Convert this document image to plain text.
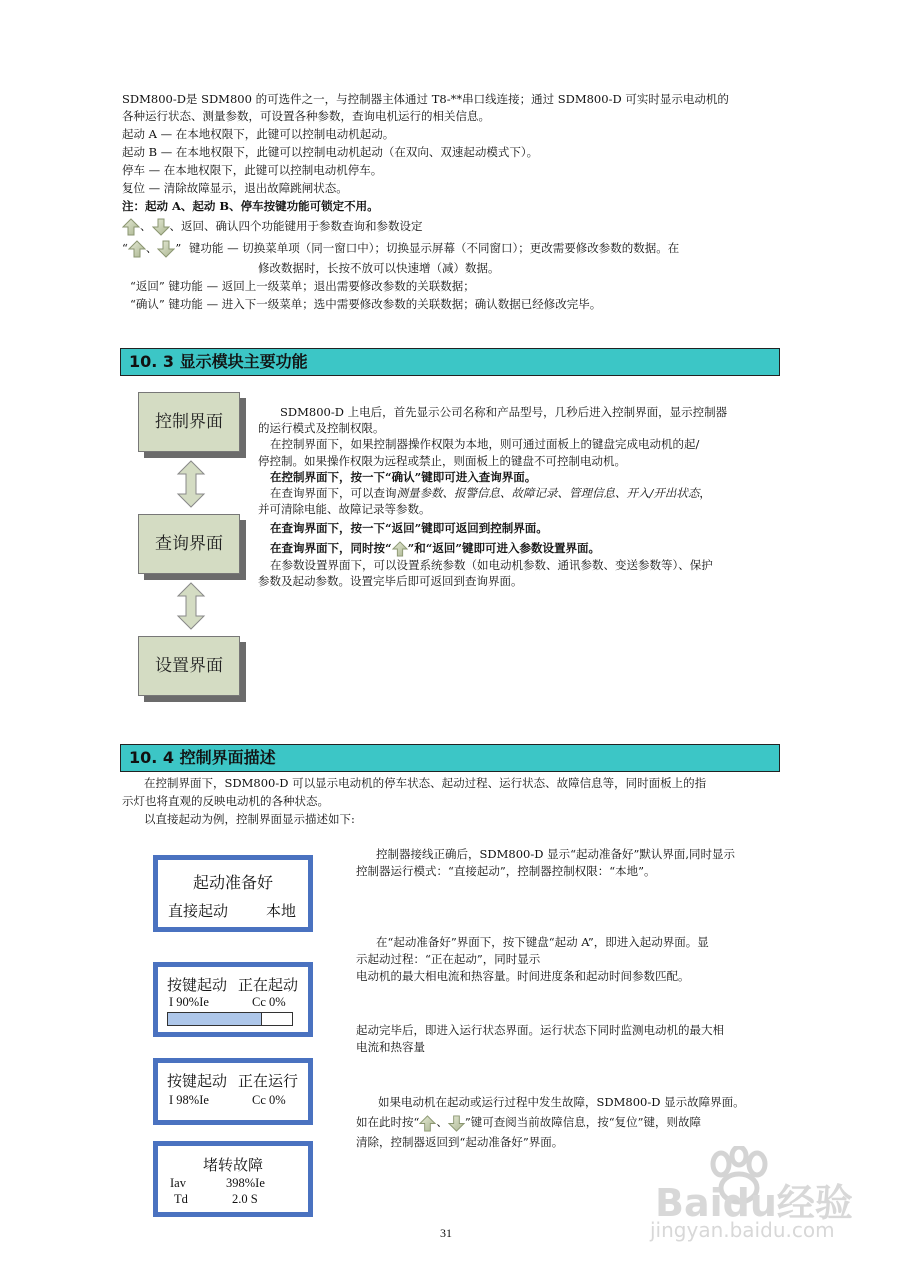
SDM800-D是 SDM800 的可选件之一，与控制器主体通过 T8-**串口线连接；通过 SDM800-D 可实时显示电动机的
各种运行状态、测量参数，可设置各种参数，查询电机运行的相关信息。
起动 A — 在本地权限下，此键可以控制电动机起动。
起动 B — 在本地权限下，此键可以控制电动机起动（在双向、双速起动模式下）。
停车 — 在本地权限下，此键可以控制电动机停车。
复位 — 清除故障显示，退出故障跳闸状态。
注：起动 A、起动 B、停车按键功能可锁定不用。
、 、返回、确认四个功能键用于参数查询和参数设定
“ 、 ” 键功能 — 切换菜单项（同一窗口中）；切换显示屏幕（不同窗口）；更改需要修改参数的数据。在
修改数据时，长按不放可以快速增（减）数据。
“返回” 键功能 — 返回上一级菜单；退出需要修改参数的关联数据；
“确认” 键功能 — 进入下一级菜单；选中需要修改参数的关联数据；确认数据已经修改完毕。
10. 3 显示模块主要功能
控制界面
查询界面
设置界面
SDM800-D 上电后，首先显示公司名称和产品型号，几秒后进入控制界面，显示控制器
的运行模式及控制权限。
在控制界面下，如果控制器操作权限为本地，则可通过面板上的键盘完成电动机的起/
停控制。如果操作权限为远程或禁止，则面板上的键盘不可控制电动机。
在控制界面下，按一下“确认”键即可进入查询界面。
在查询界面下，可以查询测量参数、报警信息、故障记录、管理信息、开入/开出状态，
并可清除电能、故障记录等参数。
在查询界面下，按一下“返回”键即可返回到控制界面。
在查询界面下，同时按“ ”和“返回”键即可进入参数设置界面。
在参数设置界面下，可以设置系统参数（如电动机参数、通讯参数、变送参数等）、保护
参数及起动参数。设置完毕后即可返回到查询界面。
10. 4 控制界面描述
在控制界面下，SDM800-D 可以显示电动机的停车状态、起动过程、运行状态、故障信息等，同时面板上的指
示灯也将直观的反映电动机的各种状态。
以直接起动为例，控制界面显示描述如下:
起动准备好
直接起动	本地
按键起动 正在起动
I 90%Ie	Cc 0%
按键起动 正在运行
I 98%Ie	Cc 0%
堵转故障
Iav	398%Ie
Td	2.0 S
控制器接线正确后，SDM800-D 显示“起动准备好”默认界面,同时显示
控制器运行模式：“直接起动”，控制器控制权限：“本地”。
在“起动准备好”界面下，按下键盘“起动 A”，即进入起动界面。显
示起动过程：“正在起动”，同时显示
电动机的最大相电流和热容量。时间进度条和起动时间参数匹配。
起动完毕后，即进入运行状态界面。运行状态下同时监测电动机的最大相
电流和热容量
如果电动机在起动或运行过程中发生故障，SDM800-D 显示故障界面。
如在此时按“ 、 ”键可查阅当前故障信息，按“复位”键，则故障
清除，控制器返回到“起动准备好”界面。
31
Baidu经验
jingyan.baidu.com
